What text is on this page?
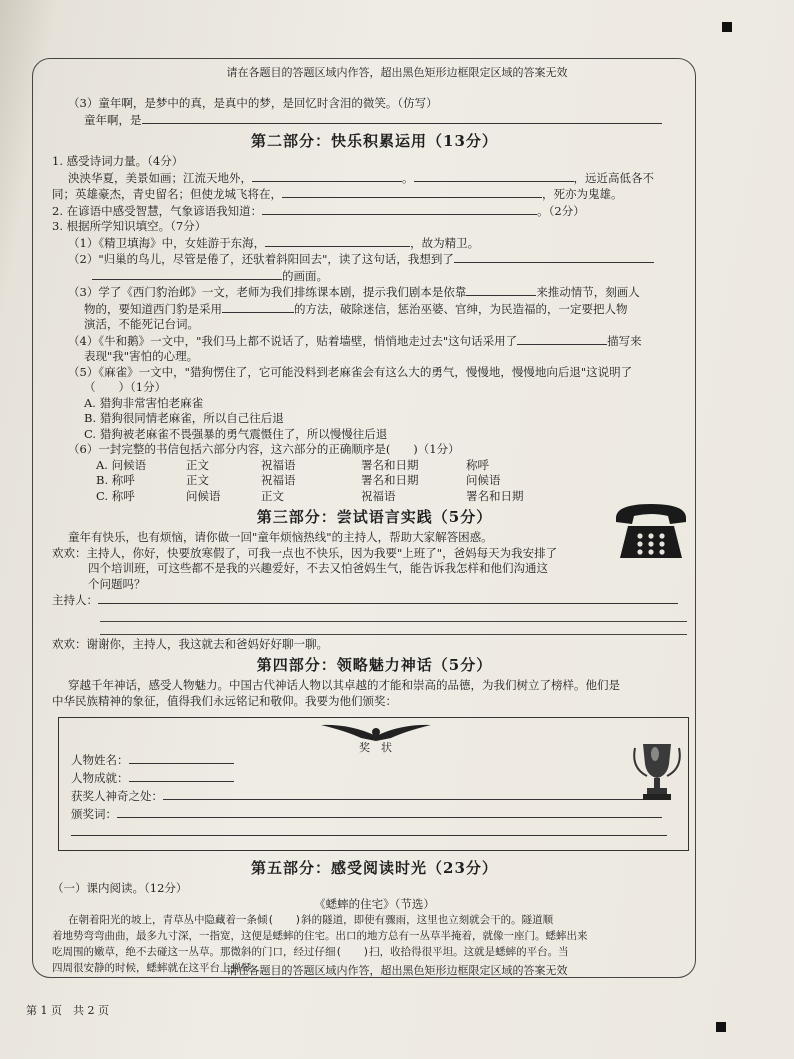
请在各题目的答题区域内作答，超出黑色矩形边框限定区域的答案无效
请在各题目的答题区域内作答，超出黑色矩形边框限定区域的答案无效
（3）童年啊，是梦中的真，是真中的梦，是回忆时含泪的微笑。（仿写）
童年啊，是
第二部分：快乐积累运用（13分）
1. 感受诗词力量。（4分）
泱泱华夏，美景如画；江流天地外，	。	，远近高低各不
同；英雄豪杰，青史留名；但使龙城飞将在，	，死亦为鬼雄。
2. 在谚语中感受智慧，气象谚语我知道：	。（2分）
3. 根据所学知识填空。（7分）
（1）《精卫填海》中，女娃游于东海，	，故为精卫。
（2）"归巢的鸟儿，尽管是倦了，还驮着斜阳回去"，读了这句话，我想到了
的画面。
（3）学了《西门豹治邺》一文，老师为我们排练课本剧，提示我们剧本是依靠	来推动情节，刻画人
物的，要知道西门豹是采用	的方法，破除迷信，惩治巫婆、官绅，为民造福的，一定要把人物
演活，不能死记台词。
（4）《牛和鹅》一文中，"我们马上都不说话了，贴着墙壁，悄悄地走过去"这句话采用了	描写来
表现"我"害怕的心理。
（5）《麻雀》一文中，"猎狗愣住了，它可能没料到老麻雀会有这么大的勇气，慢慢地，慢慢地向后退"这说明了
（　　）（1分）
A. 猎狗非常害怕老麻雀
B. 猎狗很同情老麻雀，所以自己往后退
C. 猎狗被老麻雀不畏强暴的勇气震慑住了，所以慢慢往后退
（6）一封完整的书信包括六部分内容，这六部分的正确顺序是(　　)（1分）
A. 问候语	正文	祝福语	署名和日期	称呼
B. 称呼	正文	祝福语	署名和日期	问候语
C. 称呼	问候语	正文	祝福语	署名和日期
第三部分：尝试语言实践（5分）
童年有快乐，也有烦恼，请你做一回"童年烦恼热线"的主持人，帮助大家解答困惑。
欢欢：主持人，你好，快要放寒假了，可我一点也不快乐，因为我要"上班了"，爸妈每天为我安排了
四个培训班，可这些都不是我的兴趣爱好，不去又怕爸妈生气，能告诉我怎样和他们沟通这
个问题吗？
主持人：
欢欢：谢谢你，主持人，我这就去和爸妈好好聊一聊。
第四部分：领略魅力神话（5分）
穿越千年神话，感受人物魅力。中国古代神话人物以其卓越的才能和崇高的品德，为我们树立了榜样。他们是
中华民族精神的象征，值得我们永远铭记和敬仰。我要为他们颁奖：
奖　状
人物姓名：
人物成就：
获奖人神奇之处：
颁奖词：
第五部分：感受阅读时光（23分）
（一）课内阅读。（12分）
《蟋蟀的住宅》（节选）
在朝着阳光的坡上，青草丛中隐藏着一条倾(　　)斜的隧道，即使有骤雨，这里也立刻就会干的。隧道顺
着地势弯弯曲曲，最多九寸深，一指宽，这便是蟋蟀的住宅。出口的地方总有一丛草半掩着，就像一座门。蟋蟀出来
吃周围的嫩草，绝不去碰这一丛草。那微斜的门口，经过仔细(　　)扫，收拾得很平坦。这就是蟋蟀的平台。当
四周很安静的时候，蟋蟀就在这平台上弹琴。
第 1 页　共 2 页
